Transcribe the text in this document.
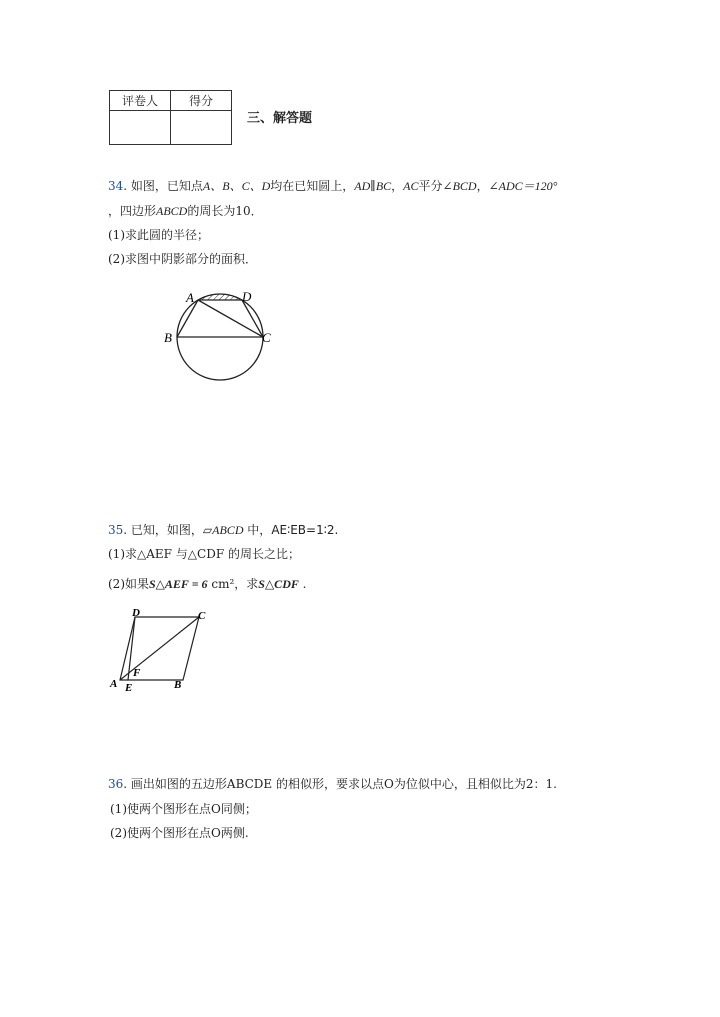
评卷人	得分

三、解答题
34. 如图，已知点A、B、C、D均在已知圆上，AD∥BC，AC平分∠BCD，∠ADC＝120°
，四边形ABCD的周长为10．
(1)求此圆的半径；
(2)求图中阴影部分的面积．
A	D
B	C
35. 已知，如图，▱ABCD 中，AE∶EB=1∶2.
(1)求△AEF 与△CDF 的周长之比；
(2)如果S△AEF = 6 cm²，求S△CDF .
D	C
A E
F
B
36. 画出如图的五边形ABCDE 的相似形，要求以点O为位似中心，且相似比为2：1.
(1)使两个图形在点O同侧；
(2)使两个图形在点O两侧.
